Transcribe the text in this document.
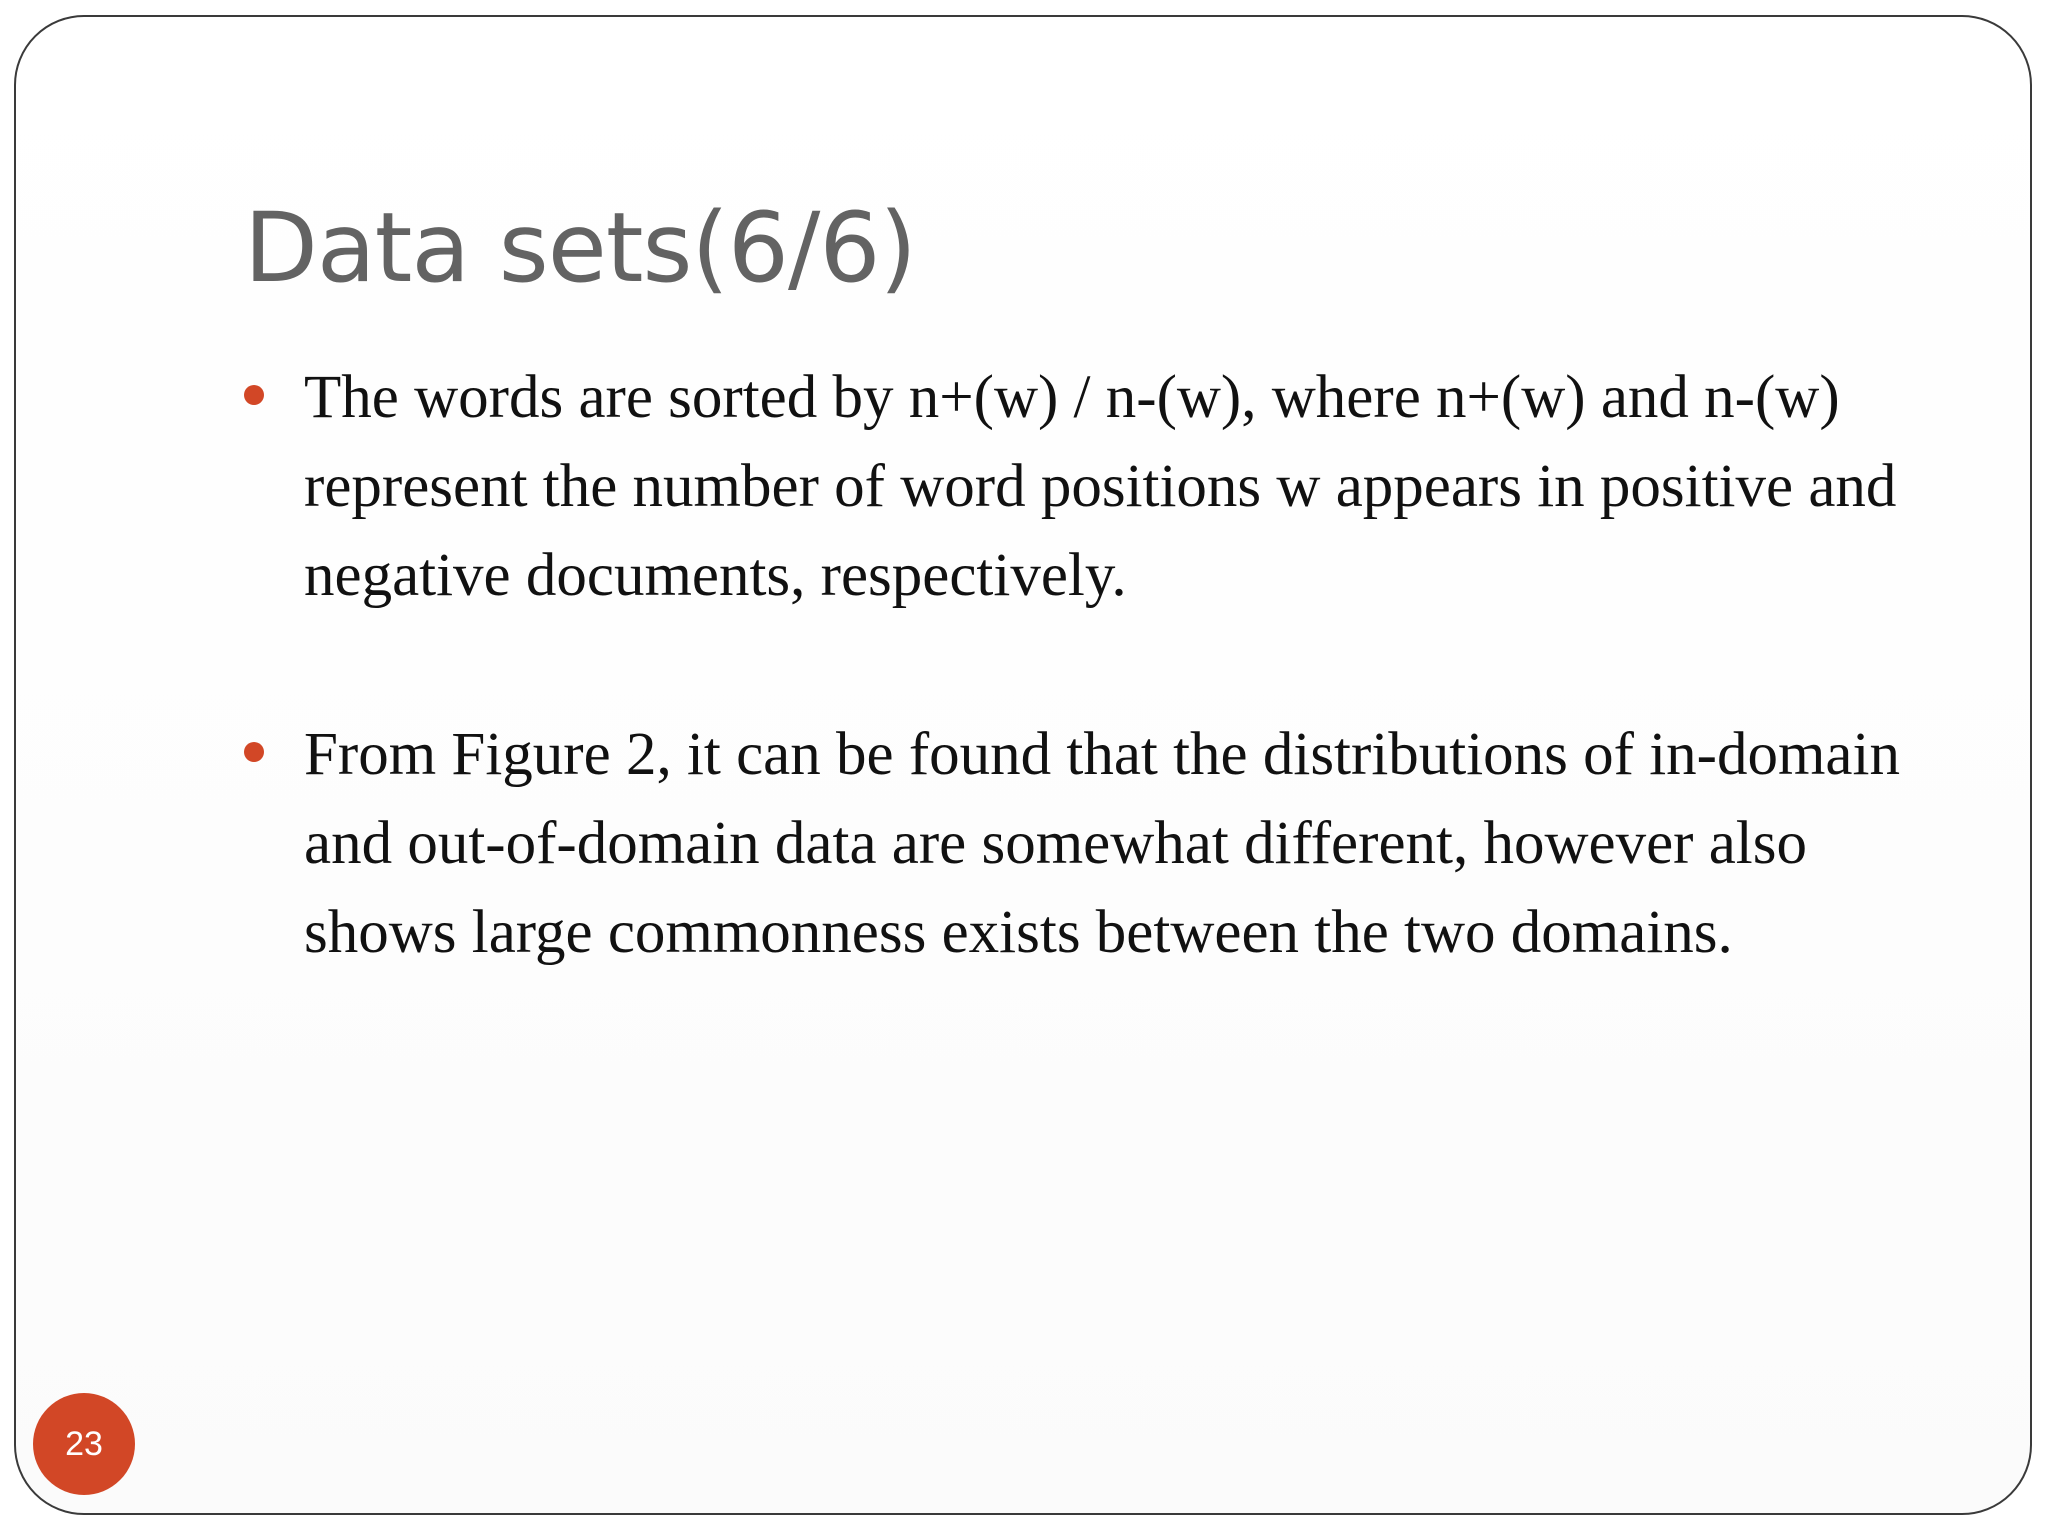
Data sets(6/6)
The words are sorted by n+(w) / n-(w), where n+(w) and n-(w) represent the number of word positions w appears in positive and negative documents, respectively.
From Figure 2, it can be found that the distributions of in-domain and out-of-domain data are somewhat different, however also shows large commonness exists between the two domains.
23
